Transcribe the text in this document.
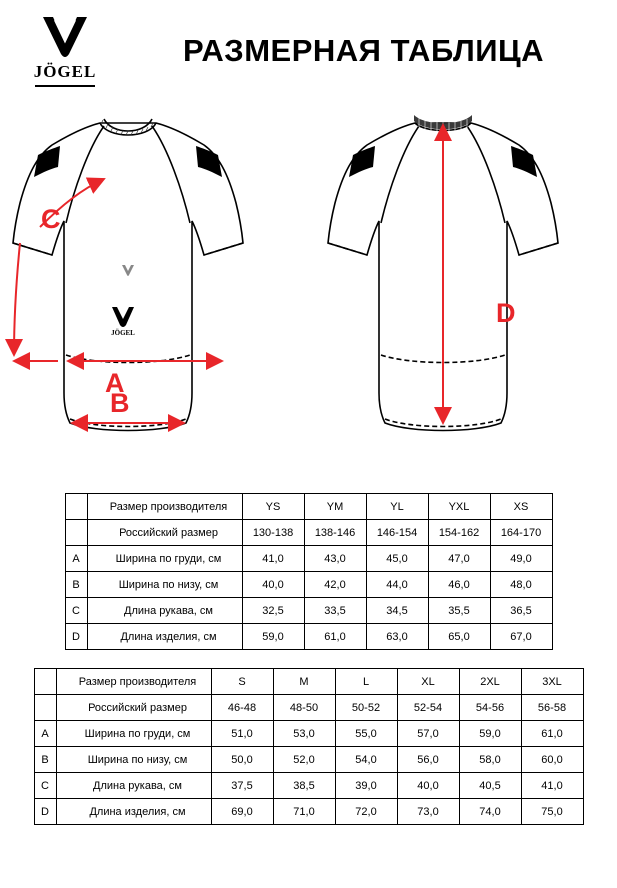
JÖGEL
РАЗМЕРНАЯ ТАБЛИЦА
JÖGEL
A
B
C
D
	Размер производителя	YS	YM	YL	YXL	XS
	Российский размер	130-138	138-146	146-154	154-162	164-170
A	Ширина по груди, см	41,0	43,0	45,0	47,0	49,0
B	Ширина по низу, см	40,0	42,0	44,0	46,0	48,0
C	Длина рукава, см	32,5	33,5	34,5	35,5	36,5
D	Длина изделия, см	59,0	61,0	63,0	65,0	67,0
	Размер производителя	S	M	L	XL	2XL	3XL
	Российский размер	46-48	48-50	50-52	52-54	54-56	56-58
A	Ширина по груди, см	51,0	53,0	55,0	57,0	59,0	61,0
B	Ширина по низу, см	50,0	52,0	54,0	56,0	58,0	60,0
C	Длина рукава, см	37,5	38,5	39,0	40,0	40,5	41,0
D	Длина изделия, см	69,0	71,0	72,0	73,0	74,0	75,0
